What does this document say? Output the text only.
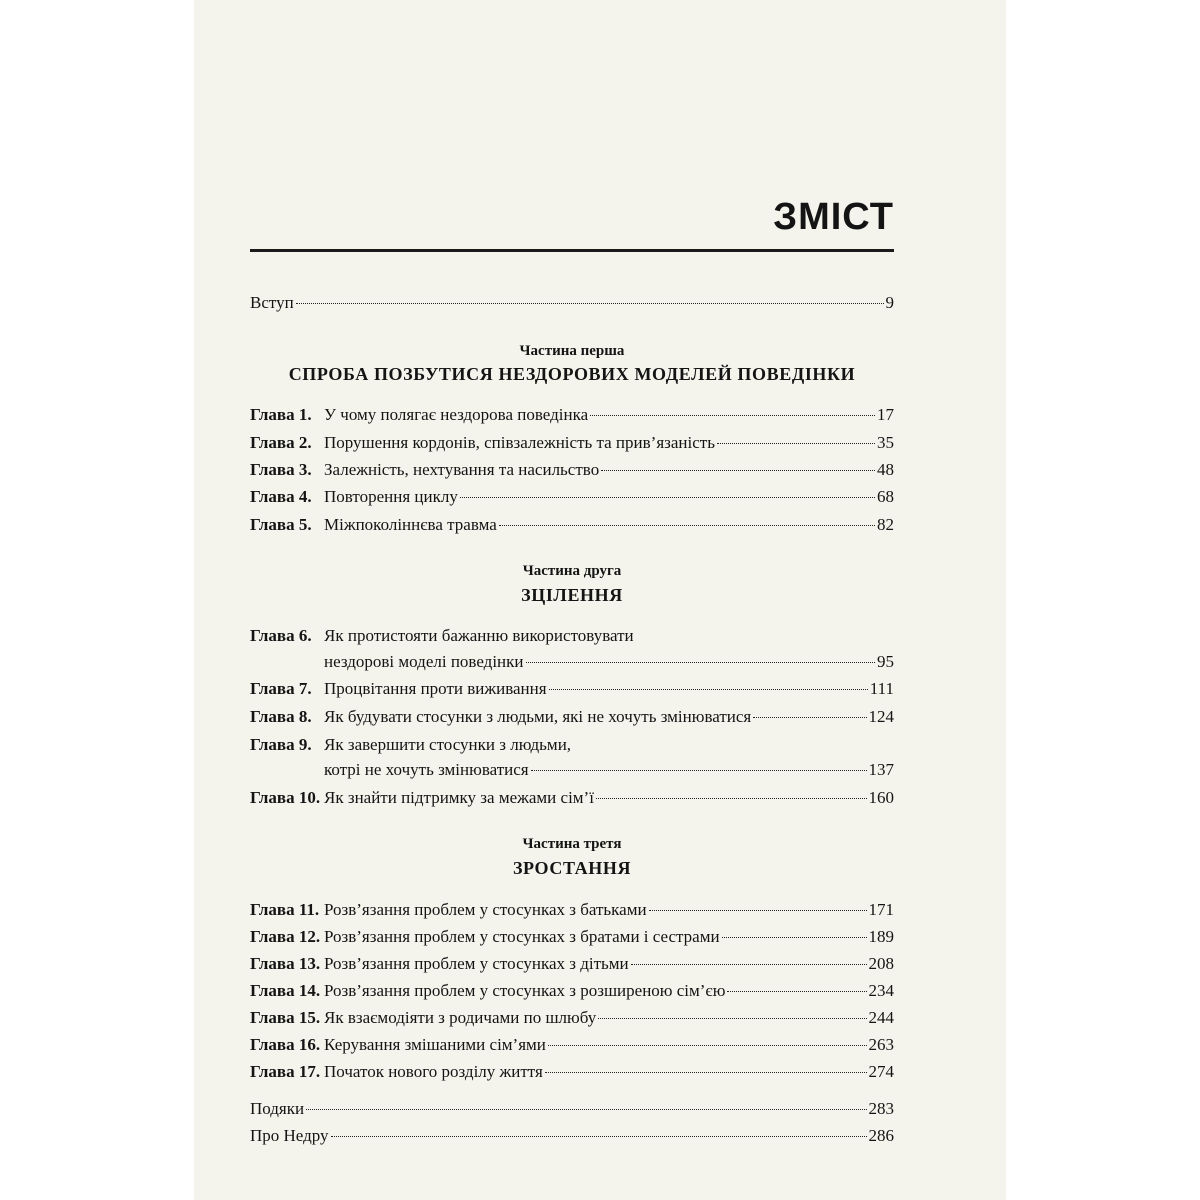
ЗМІСТ
Вступ	9
Частина перша
СПРОБА ПОЗБУТИСЯ НЕЗДОРОВИХ МОДЕЛЕЙ ПОВЕДІНКИ
Глава 1. У чому полягає нездорова поведінка	17
Глава 2. Порушення кордонів, співзалежність та прив’язаність	35
Глава 3. Залежність, нехтування та насильство	48
Глава 4. Повторення циклу	68
Глава 5. Міжпоколіннєва травма	82
Частина друга
ЗЦІЛЕННЯ
Глава 6. Як протистояти бажанню використовувати
нездорові моделі поведінки	95
Глава 7. Процвітання проти виживання	111
Глава 8. Як будувати стосунки з людьми, які не хочуть змінюватися	124
Глава 9. Як завершити стосунки з людьми,
котрі не хочуть змінюватися	137
Глава 10. Як знайти підтримку за межами сім’ї	160
Частина третя
ЗРОСТАННЯ
Глава 11. Розв’язання проблем у стосунках з батьками	171
Глава 12. Розв’язання проблем у стосунках з братами і сестрами	189
Глава 13. Розв’язання проблем у стосунках з дітьми	208
Глава 14. Розв’язання проблем у стосунках з розширеною сім’єю	234
Глава 15. Як взаємодіяти з родичами по шлюбу	244
Глава 16. Керування змішаними сім’ями	263
Глава 17. Початок нового розділу життя	274
Подяки	283
Про Недру	286
